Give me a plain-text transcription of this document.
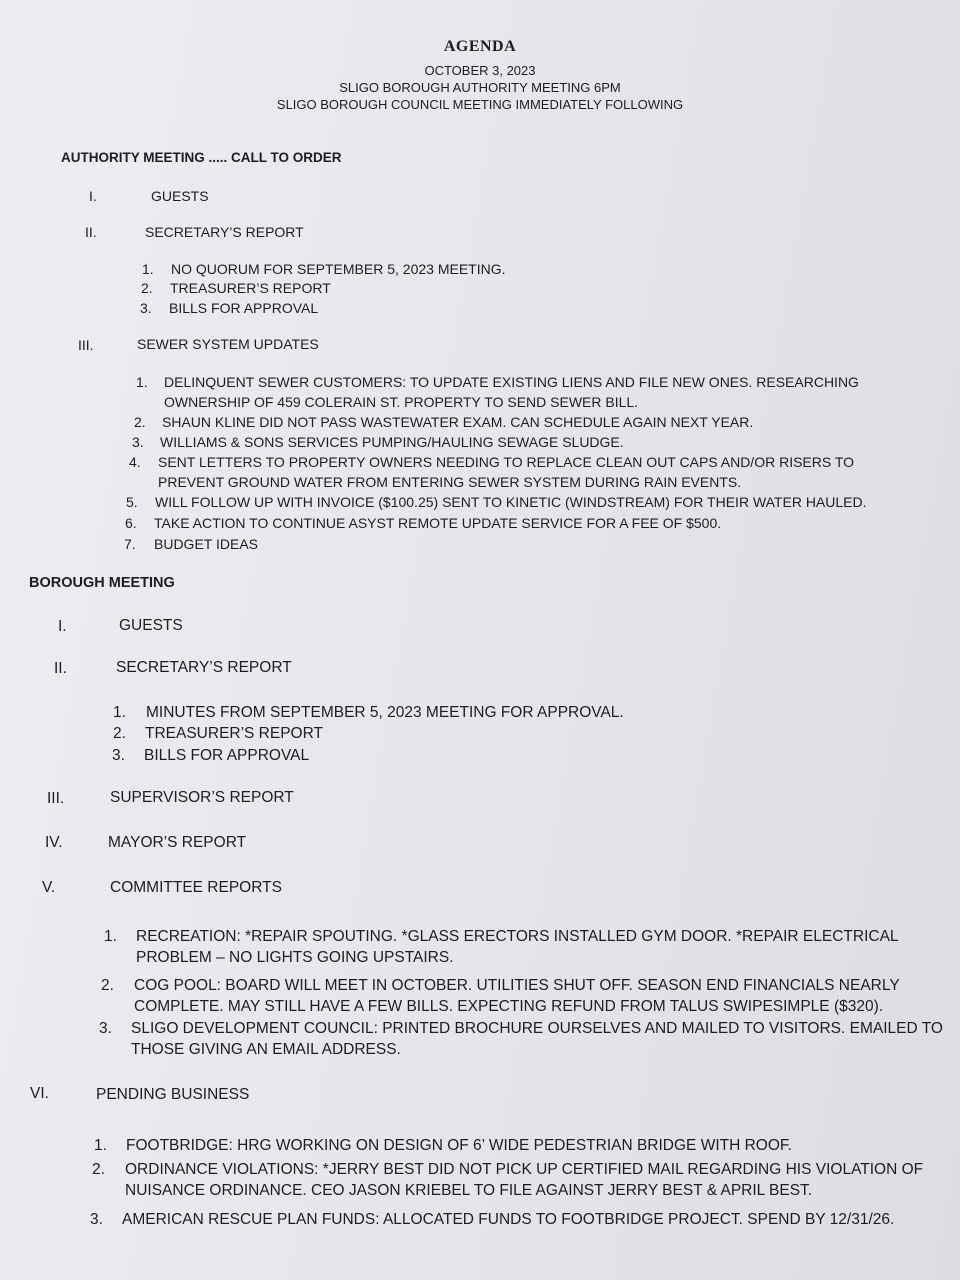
AGENDA
OCTOBER 3, 2023
SLIGO BOROUGH AUTHORITY MEETING 6PM
SLIGO BOROUGH COUNCIL MEETING IMMEDIATELY FOLLOWING
AUTHORITY MEETING ..... CALL TO ORDER
I.	GUESTS
II.	SECRETARY’S REPORT
1. NO QUORUM FOR SEPTEMBER 5, 2023 MEETING.
2. TREASURER’S REPORT
3. BILLS FOR APPROVAL
III.	SEWER SYSTEM UPDATES
1. DELINQUENT SEWER CUSTOMERS: TO UPDATE EXISTING LIENS AND FILE NEW ONES. RESEARCHING OWNERSHIP OF 459 COLERAIN ST. PROPERTY TO SEND SEWER BILL.
2. SHAUN KLINE DID NOT PASS WASTEWATER EXAM. CAN SCHEDULE AGAIN NEXT YEAR.
3. WILLIAMS & SONS SERVICES PUMPING/HAULING SEWAGE SLUDGE.
4. SENT LETTERS TO PROPERTY OWNERS NEEDING TO REPLACE CLEAN OUT CAPS AND/OR RISERS TO PREVENT GROUND WATER FROM ENTERING SEWER SYSTEM DURING RAIN EVENTS.
5. WILL FOLLOW UP WITH INVOICE ($100.25) SENT TO KINETIC (WINDSTREAM) FOR THEIR WATER HAULED.
6. TAKE ACTION TO CONTINUE ASYST REMOTE UPDATE SERVICE FOR A FEE OF $500.
7. BUDGET IDEAS
BOROUGH MEETING
I.	GUESTS
II.	SECRETARY’S REPORT
1. MINUTES FROM SEPTEMBER 5, 2023 MEETING FOR APPROVAL.
2. TREASURER’S REPORT
3. BILLS FOR APPROVAL
III.	SUPERVISOR’S REPORT
IV.	MAYOR’S REPORT
V.	COMMITTEE REPORTS
1. RECREATION: *REPAIR SPOUTING. *GLASS ERECTORS INSTALLED GYM DOOR. *REPAIR ELECTRICAL PROBLEM – NO LIGHTS GOING UPSTAIRS.
2. COG POOL: BOARD WILL MEET IN OCTOBER. UTILITIES SHUT OFF. SEASON END FINANCIALS NEARLY COMPLETE. MAY STILL HAVE A FEW BILLS. EXPECTING REFUND FROM TALUS SWIPESIMPLE ($320).
3. SLIGO DEVELOPMENT COUNCIL: PRINTED BROCHURE OURSELVES AND MAILED TO VISITORS. EMAILED TO THOSE GIVING AN EMAIL ADDRESS.
VI.	PENDING BUSINESS
1. FOOTBRIDGE: HRG WORKING ON DESIGN OF 6’ WIDE PEDESTRIAN BRIDGE WITH ROOF.
2. ORDINANCE VIOLATIONS: *JERRY BEST DID NOT PICK UP CERTIFIED MAIL REGARDING HIS VIOLATION OF NUISANCE ORDINANCE. CEO JASON KRIEBEL TO FILE AGAINST JERRY BEST & APRIL BEST.
3. AMERICAN RESCUE PLAN FUNDS: ALLOCATED FUNDS TO FOOTBRIDGE PROJECT. SPEND BY 12/31/26.
